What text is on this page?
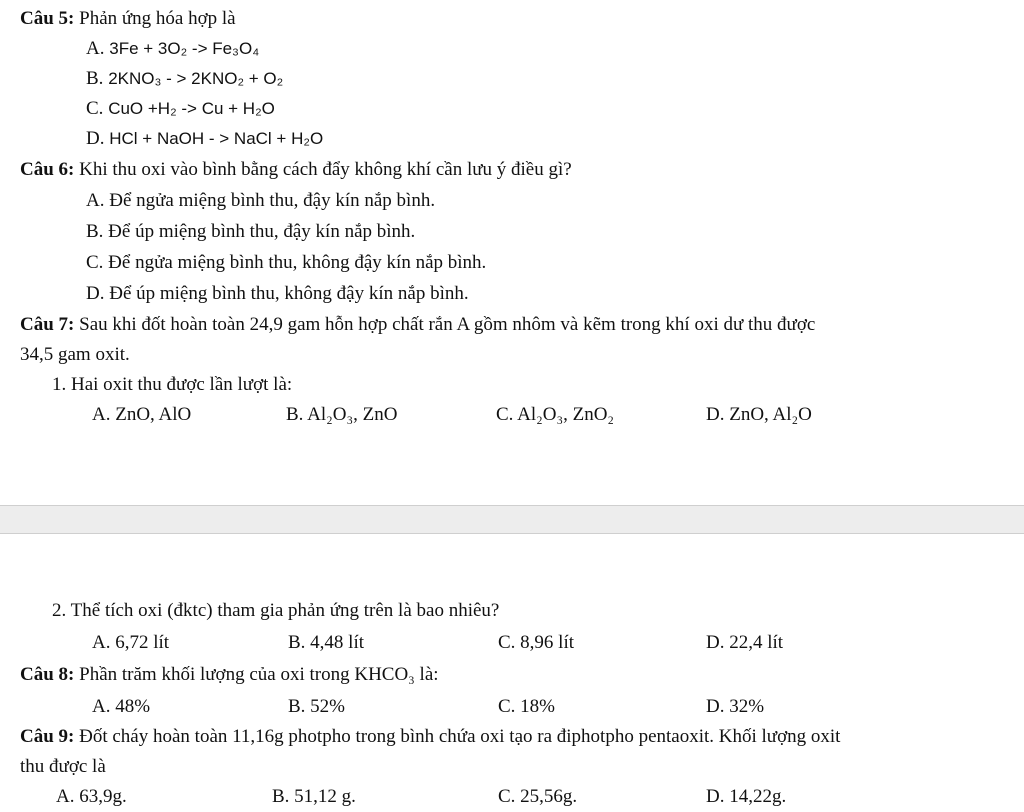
Câu 5: Phản ứng hóa hợp là
A. 3Fe + 3O₂ -> Fe₃O₄
B. 2KNO₃ - > 2KNO₂ + O₂
C. CuO +H₂ -> Cu + H₂O
D. HCl + NaOH - > NaCl + H₂O
Câu 6: Khi thu oxi vào bình bằng cách đẩy không khí cần lưu ý điều gì?
A. Để ngửa miệng bình thu, đậy kín nắp bình.
B. Để úp miệng bình thu, đậy kín nắp bình.
C. Để ngửa miệng bình thu, không đậy kín nắp bình.
D. Để úp miệng bình thu, không đậy kín nắp bình.
Câu 7: Sau khi đốt hoàn toàn 24,9 gam hỗn hợp chất rắn A gồm nhôm và kẽm trong khí oxi dư thu được
34,5 gam oxit.
1. Hai oxit thu được lần lượt là:
A. ZnO, AlO	B. Al₂O₃, ZnO	C. Al₂O₃, ZnO₂	D. ZnO, Al₂O
2. Thể tích oxi (đktc) tham gia phản ứng trên là bao nhiêu?
A. 6,72 lít	B. 4,48 lít	C. 8,96 lít	D. 22,4 lít
Câu 8: Phần trăm khối lượng của oxi trong KHCO₃ là:
A. 48%	B. 52%	C. 18%	D. 32%
Câu 9: Đốt cháy hoàn toàn 11,16g photpho trong bình chứa oxi tạo ra điphotpho pentaoxit. Khối lượng oxit
thu được là
A. 63,9g.	B. 51,12 g.	C. 25,56g.	D. 14,22g.
